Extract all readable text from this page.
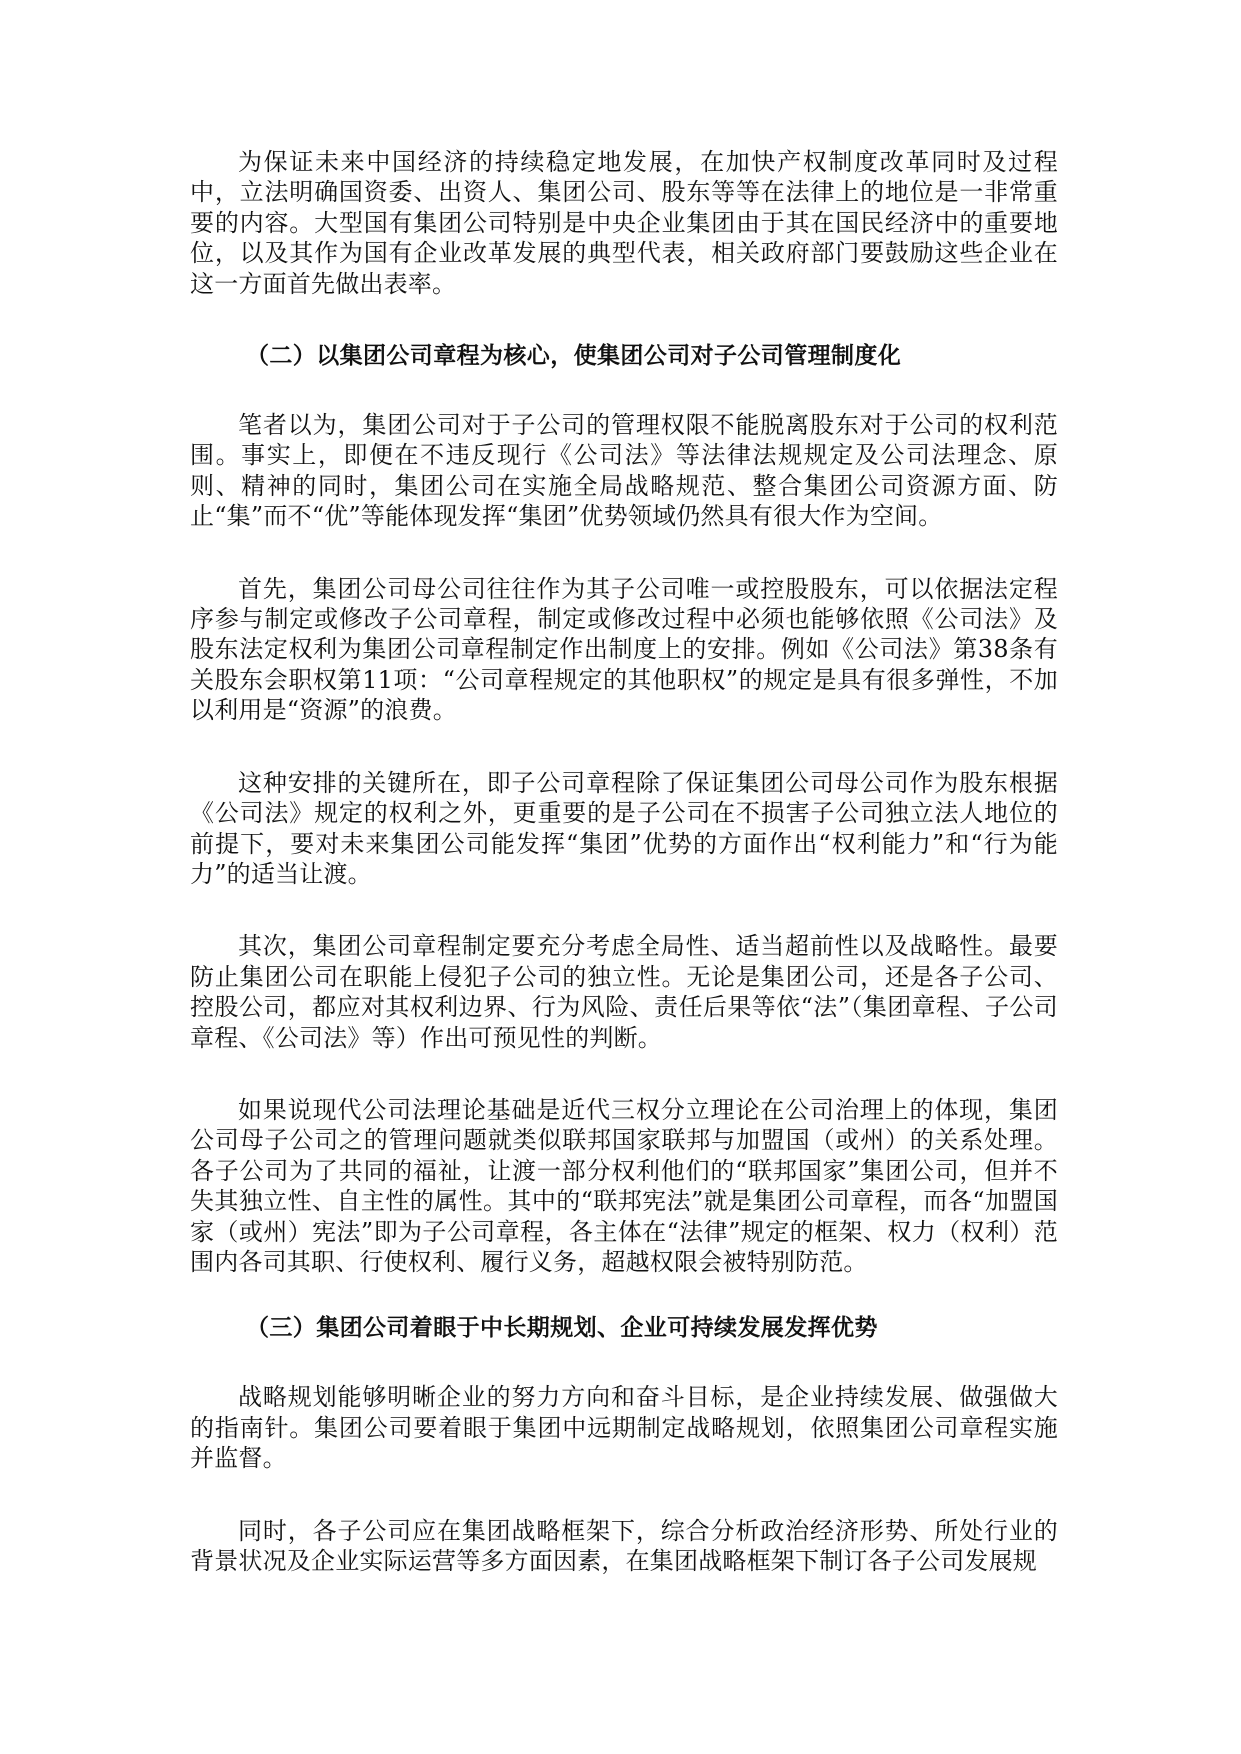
为保证未来中国经济的持续稳定地发展，在加快产权制度改革同时及过程中，立法明确国资委、出资人、集团公司、股东等等在法律上的地位是一非常重要的内容。大型国有集团公司特别是中央企业集团由于其在国民经济中的重要地位，以及其作为国有企业改革发展的典型代表，相关政府部门要鼓励这些企业在这一方面首先做出表率。

（二）以集团公司章程为核心，使集团公司对子公司管理制度化

笔者以为，集团公司对于子公司的管理权限不能脱离股东对于公司的权利范围。事实上，即便在不违反现行《公司法》等法律法规规定及公司法理念、原则、精神的同时，集团公司在实施全局战略规范、整合集团公司资源方面、防止“集”而不“优”等能体现发挥“集团”优势领域仍然具有很大作为空间。

首先，集团公司母公司往往作为其子公司唯一或控股股东，可以依据法定程序参与制定或修改子公司章程，制定或修改过程中必须也能够依照《公司法》及股东法定权利为集团公司章程制定作出制度上的安排。例如《公司法》第38条有关股东会职权第11项：“公司章程规定的其他职权”的规定是具有很多弹性，不加以利用是“资源”的浪费。

这种安排的关键所在，即子公司章程除了保证集团公司母公司作为股东根据《公司法》规定的权利之外，更重要的是子公司在不损害子公司独立法人地位的前提下，要对未来集团公司能发挥“集团”优势的方面作出“权利能力”和“行为能力”的适当让渡。

其次，集团公司章程制定要充分考虑全局性、适当超前性以及战略性。最要防止集团公司在职能上侵犯子公司的独立性。无论是集团公司，还是各子公司、控股公司，都应对其权利边界、行为风险、责任后果等依“法”（集团章程、子公司章程、《公司法》等）作出可预见性的判断。

如果说现代公司法理论基础是近代三权分立理论在公司治理上的体现，集团公司母子公司之的管理问题就类似联邦国家联邦与加盟国（或州）的关系处理。各子公司为了共同的福祉，让渡一部分权利他们的“联邦国家”集团公司，但并不失其独立性、自主性的属性。其中的“联邦宪法”就是集团公司章程，而各“加盟国家（或州）宪法”即为子公司章程，各主体在“法律”规定的框架、权力（权利）范围内各司其职、行使权利、履行义务，超越权限会被特别防范。

（三）集团公司着眼于中长期规划、企业可持续发展发挥优势

战略规划能够明晰企业的努力方向和奋斗目标，是企业持续发展、做强做大的指南针。集团公司要着眼于集团中远期制定战略规划，依照集团公司章程实施并监督。

同时，各子公司应在集团战略框架下，综合分析政治经济形势、所处行业的背景状况及企业实际运营等多方面因素，在集团战略框架下制订各子公司发展规
